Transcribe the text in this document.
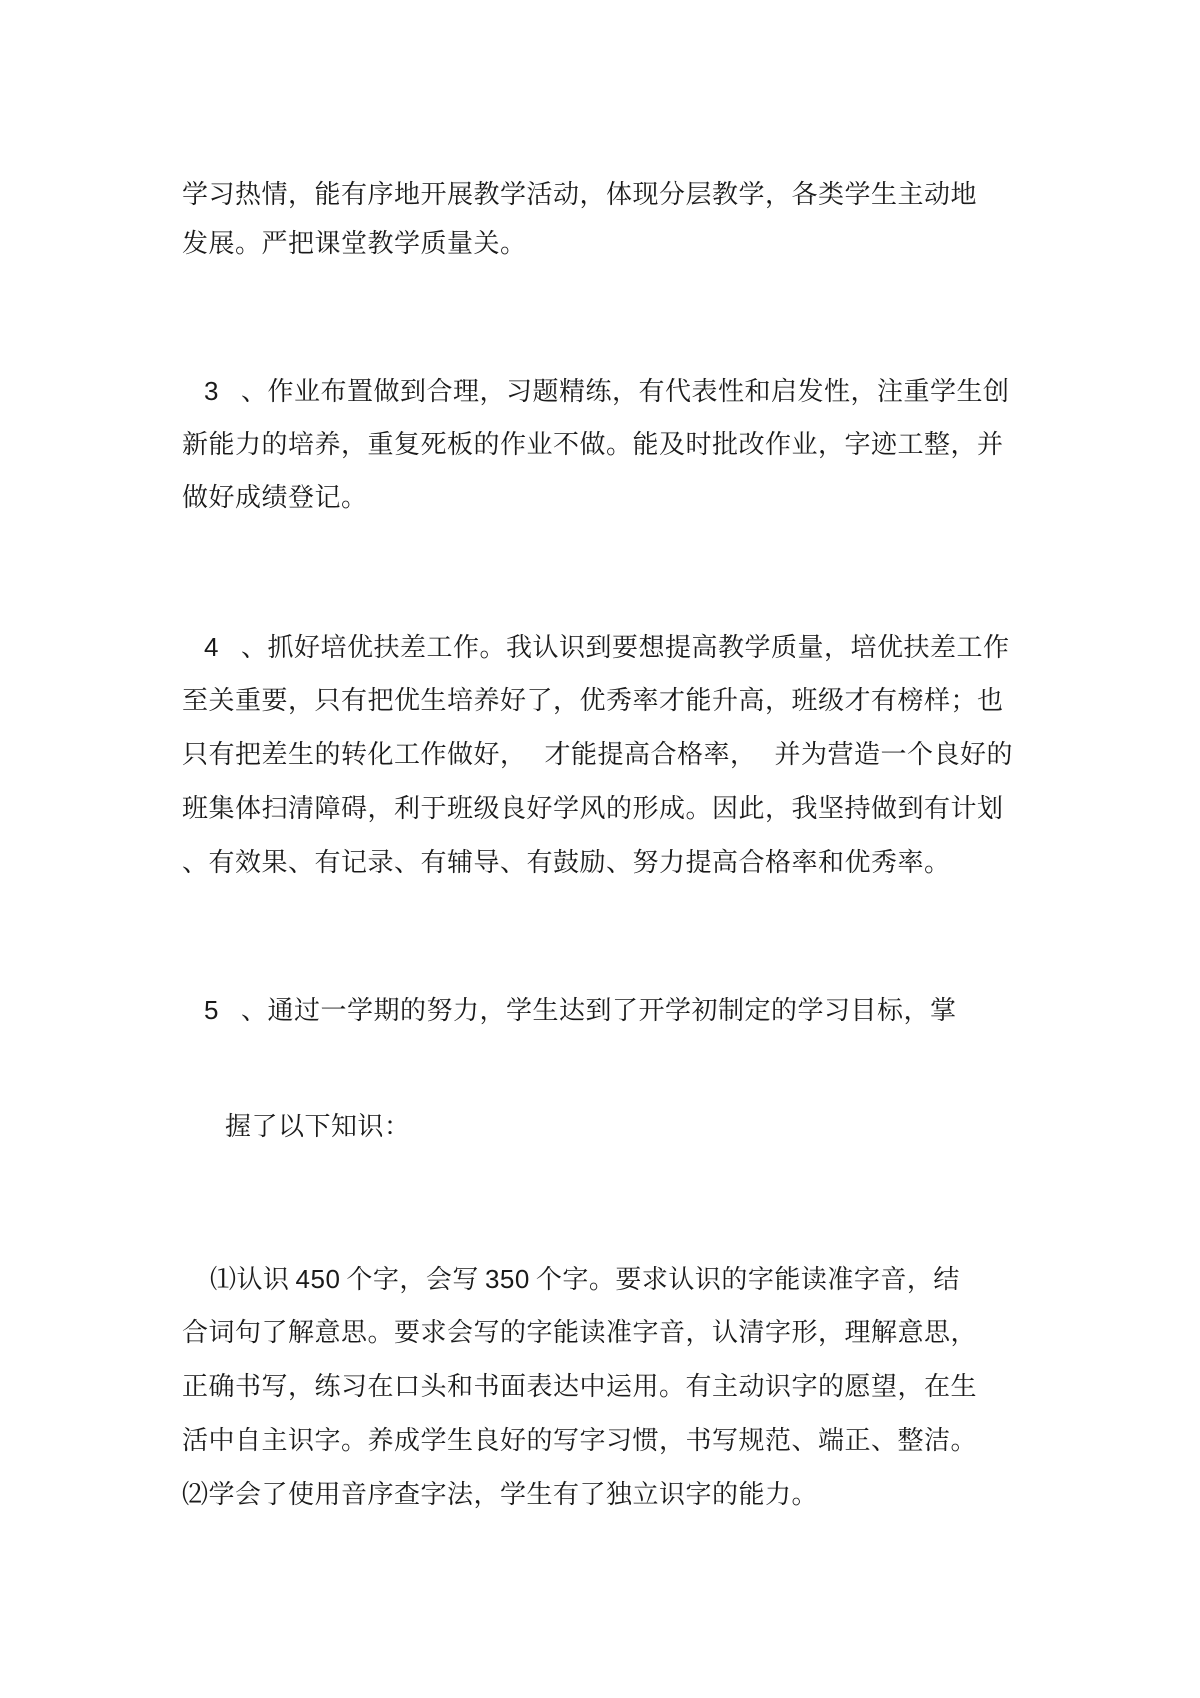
学习热情，能有序地开展教学活动，体现分层教学，各类学生主动地
发展。严把课堂教学质量关。
3 、作业布置做到合理，习题精练，有代表性和启发性，注重学生创
新能力的培养，重复死板的作业不做。能及时批改作业，字迹工整，并
做好成绩登记。
4 、抓好培优扶差工作。我认识到要想提高教学质量，培优扶差工作
至关重要，只有把优生培养好了，优秀率才能升高，班级才有榜样；也
只有把差生的转化工作做好， 才能提高合格率， 并为营造一个良好的
班集体扫清障碍，利于班级良好学风的形成。因此，我坚持做到有计划
、有效果、有记录、有辅导、有鼓励、努力提高合格率和优秀率。
5 、通过一学期的努力，学生达到了开学初制定的学习目标，掌
握了以下知识：
⑴认识 450 个字，会写 350 个字。要求认识的字能读准字音，结
合词句了解意思。要求会写的字能读准字音，认清字形，理解意思，
正确书写，练习在口头和书面表达中运用。有主动识字的愿望，在生
活中自主识字。养成学生良好的写字习惯，书写规范、端正、整洁。
⑵学会了使用音序查字法，学生有了独立识字的能力。
